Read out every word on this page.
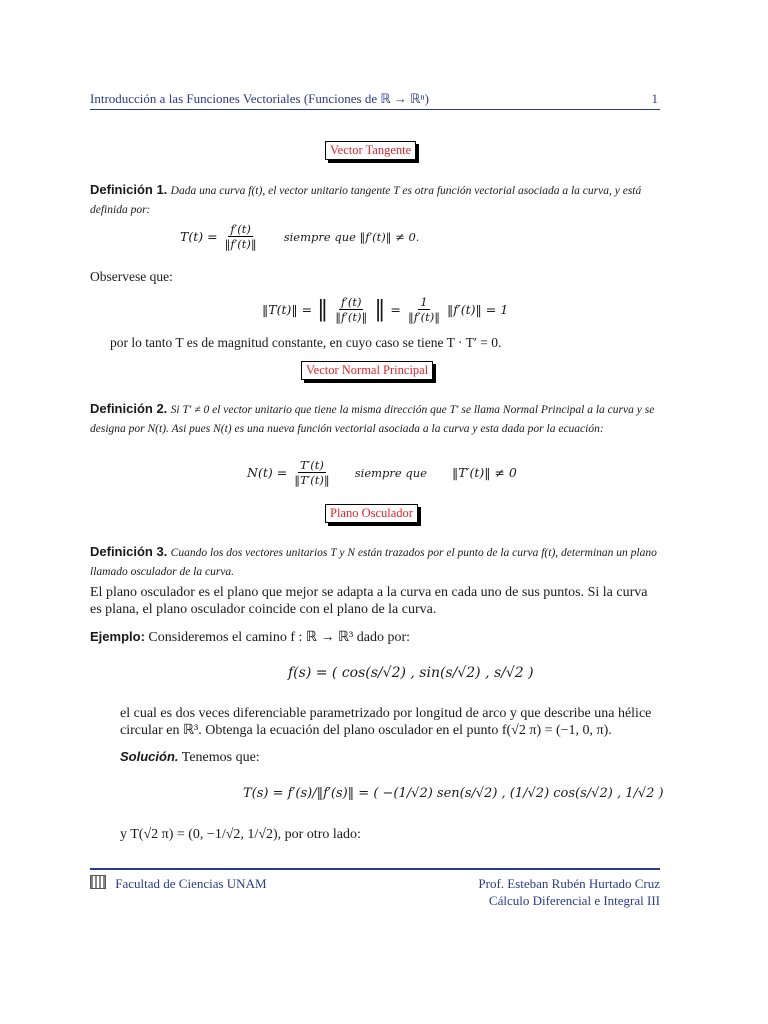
Introducción a las Funciones Vectoriales (Funciones de ℝ → ℝⁿ)	1
Vector Tangente
Definición 1. Dada una curva f(t), el vector unitario tangente T es otra función vectorial asociada a la curva, y está definida por:
$T(t) = \frac{f'(t)}{‖f'(t)‖}$ siempre que ‖f′(t)‖ ≠ 0.
Observese que:
‖T(t)‖ = ‖ $\frac{f'(t)}{‖f'(t)‖}$ ‖ = $\frac{1}{‖f'(t)‖}$ ‖f′(t)‖ = 1
por lo tanto T es de magnitud constante, en cuyo caso se tiene T · T′ = 0.
Vector Normal Principal
Definición 2. Si T′ ≠ 0 el vector unitario que tiene la misma dirección que T′ se llama Normal Principal a la curva y se designa por N(t). Asi pues N(t) es una nueva función vectorial asociada a la curva y esta dada por la ecuación:
$N(t) = \frac{T'(t)}{‖T'(t)‖}$ siempre que ‖T′(t)‖ ≠ 0
Plano Osculador
Definición 3. Cuando los dos vectores unitarios T y N están trazados por el punto de la curva f(t), determinan un plano llamado osculador de la curva.
El plano osculador es el plano que mejor se adapta a la curva en cada uno de sus puntos. Si la curva es plana, el plano osculador coincide con el plano de la curva.
Ejemplo: Consideremos el camino f : ℝ → ℝ³ dado por:
f(s) = ( cos(s/√2) , sin(s/√2) , s/√2 )
el cual es dos veces diferenciable parametrizado por longitud de arco y que describe una hélice circular en ℝ³. Obtenga la ecuación del plano osculador en el punto f(√2 π) = (−1, 0, π).
Solución. Tenemos que:
T(s) = f′(s)/‖f′(s)‖ = ( −(1/√2) sen(s/√2) , (1/√2) cos(s/√2) , 1/√2 )
y T(√2 π) = (0, −1/√2, 1/√2), por otro lado:
Facultad de Ciencias UNAM	Prof. Esteban Rubén Hurtado Cruz
Cálculo Diferencial e Integral III
